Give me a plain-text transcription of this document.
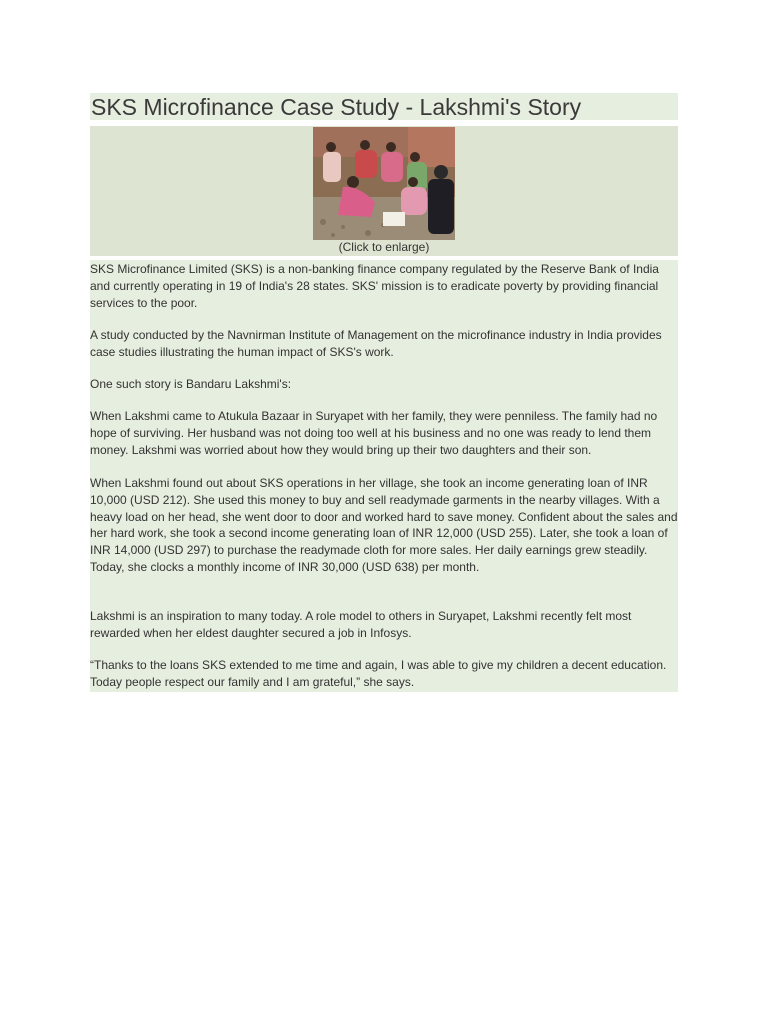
SKS Microfinance Case Study - Lakshmi's Story
(Click to enlarge)

SKS Microfinance Limited (SKS) is a non-banking finance company regulated by the Reserve Bank of India and currently operating in 19 of India's 28 states. SKS' mission is to eradicate poverty by providing financial services to the poor.

A study conducted by the Navnirman Institute of Management on the microfinance industry in India provides case studies illustrating the human impact of SKS's work.

One such story is Bandaru Lakshmi's:

When Lakshmi came to Atukula Bazaar in Suryapet with her family, they were penniless. The family had no hope of surviving. Her husband was not doing too well at his business and no one was ready to lend them money. Lakshmi was worried about how they would bring up their two daughters and their son.

When Lakshmi found out about SKS operations in her village, she took an income generating loan of INR 10,000 (USD 212). She used this money to buy and sell readymade garments in the nearby villages. With a heavy load on her head, she went door to door and worked hard to save money. Confident about the sales and her hard work, she took a second income generating loan of INR 12,000 (USD 255). Later, she took a loan of INR 14,000 (USD 297) to purchase the readymade cloth for more sales. Her daily earnings grew steadily. Today, she clocks a monthly income of INR 30,000 (USD 638) per month.

Lakshmi is an inspiration to many today. A role model to others in Suryapet, Lakshmi recently felt most rewarded when her eldest daughter secured a job in Infosys.

“Thanks to the loans SKS extended to me time and again, I was able to give my children a decent education. Today people respect our family and I am grateful,” she says.
